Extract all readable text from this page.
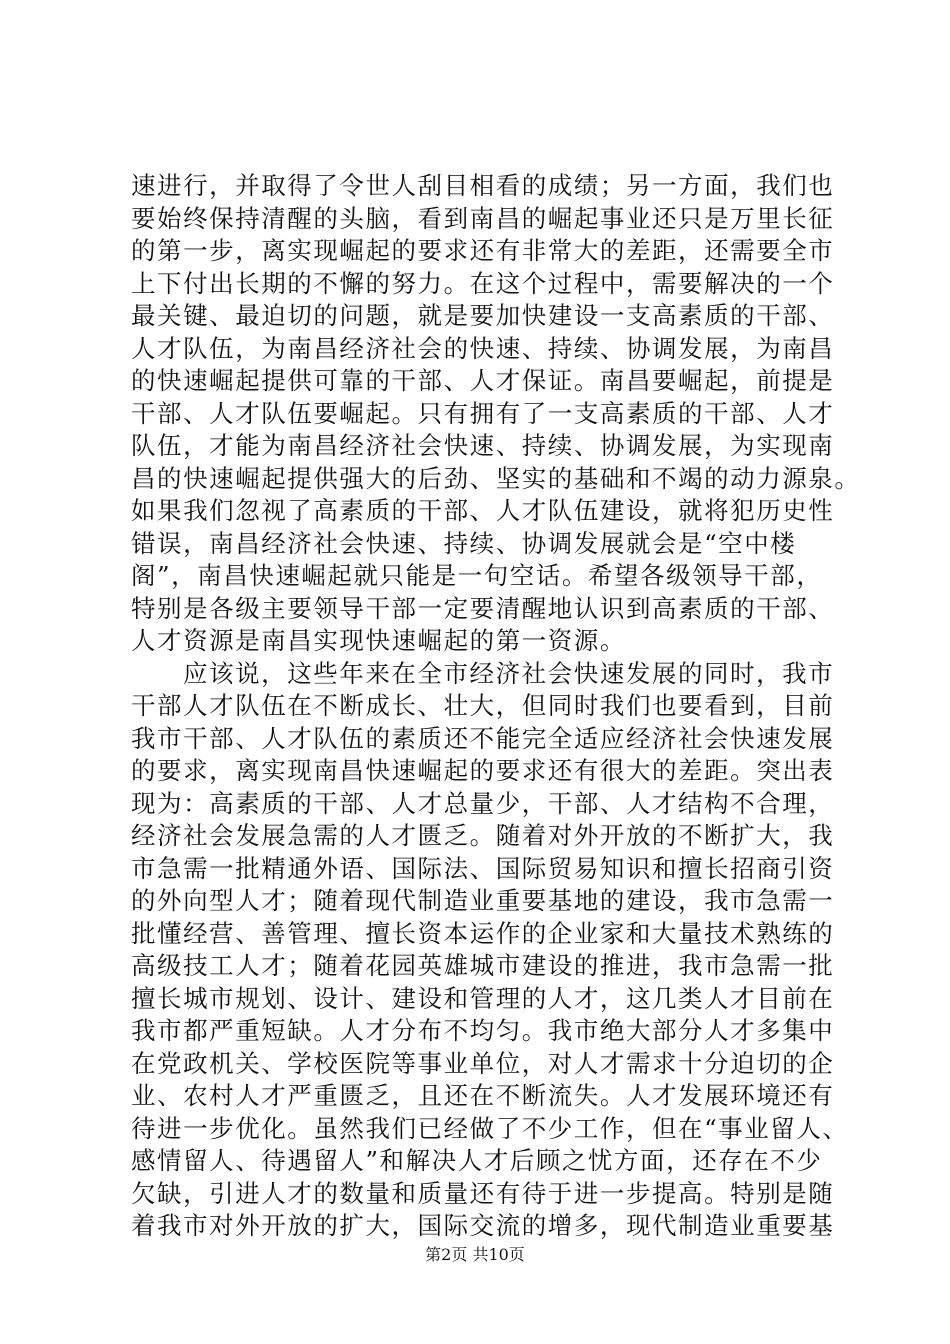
速进行，并取得了令世人刮目相看的成绩；另一方面，我们也
要始终保持清醒的头脑，看到南昌的崛起事业还只是万里长征
的第一步，离实现崛起的要求还有非常大的差距，还需要全市
上下付出长期的不懈的努力。在这个过程中，需要解决的一个
最关键、最迫切的问题，就是要加快建设一支高素质的干部、
人才队伍，为南昌经济社会的快速、持续、协调发展，为南昌
的快速崛起提供可靠的干部、人才保证。南昌要崛起，前提是
干部、人才队伍要崛起。只有拥有了一支高素质的干部、人才
队伍，才能为南昌经济社会快速、持续、协调发展，为实现南
昌的快速崛起提供强大的后劲、坚实的基础和不竭的动力源泉。
如果我们忽视了高素质的干部、人才队伍建设，就将犯历史性
错误，南昌经济社会快速、持续、协调发展就会是“空中楼
阁”，南昌快速崛起就只能是一句空话。希望各级领导干部，
特别是各级主要领导干部一定要清醒地认识到高素质的干部、
人才资源是南昌实现快速崛起的第一资源。
应该说，这些年来在全市经济社会快速发展的同时，我市
干部人才队伍在不断成长、壮大，但同时我们也要看到，目前
我市干部、人才队伍的素质还不能完全适应经济社会快速发展
的要求，离实现南昌快速崛起的要求还有很大的差距。突出表
现为：高素质的干部、人才总量少，干部、人才结构不合理，
经济社会发展急需的人才匮乏。随着对外开放的不断扩大，我
市急需一批精通外语、国际法、国际贸易知识和擅长招商引资
的外向型人才；随着现代制造业重要基地的建设，我市急需一
批懂经营、善管理、擅长资本运作的企业家和大量技术熟练的
高级技工人才；随着花园英雄城市建设的推进，我市急需一批
擅长城市规划、设计、建设和管理的人才，这几类人才目前在
我市都严重短缺。人才分布不均匀。我市绝大部分人才多集中
在党政机关、学校医院等事业单位，对人才需求十分迫切的企
业、农村人才严重匮乏，且还在不断流失。人才发展环境还有
待进一步优化。虽然我们已经做了不少工作，但在“事业留人、
感情留人、待遇留人”和解决人才后顾之忧方面，还存在不少
欠缺，引进人才的数量和质量还有待于进一步提高。特别是随
着我市对外开放的扩大，国际交流的增多，现代制造业重要基
第2页 共10页
